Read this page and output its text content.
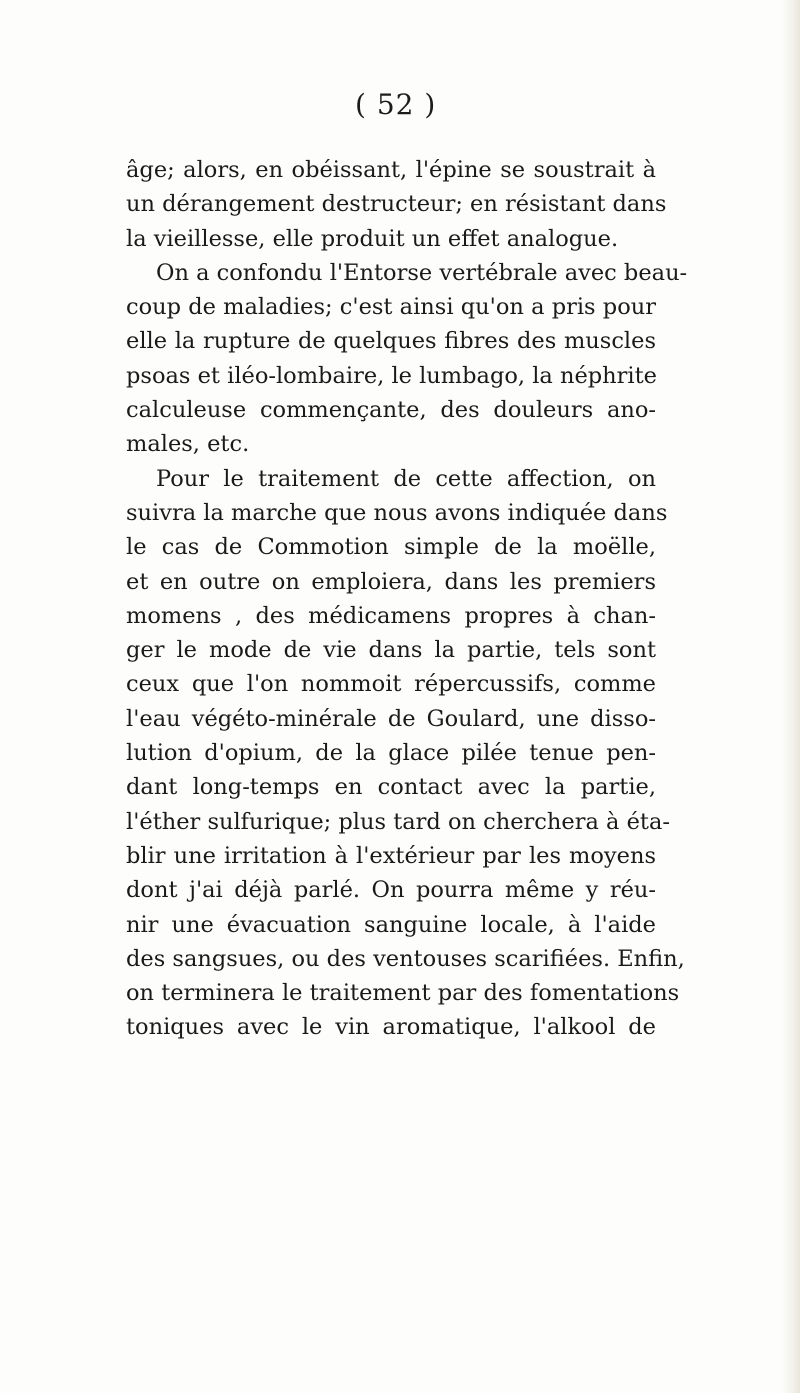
( 52 )
âge; alors, en obéissant, l'épine se soustrait à
un dérangement destructeur; en résistant dans
la vieillesse, elle produit un effet analogue.
On a confondu l'Entorse vertébrale avec beau-
coup de maladies; c'est ainsi qu'on a pris pour
elle la rupture de quelques fibres des muscles
psoas et iléo-lombaire, le lumbago, la néphrite
calculeuse commençante, des douleurs ano-
males, etc.
Pour le traitement de cette affection, on
suivra la marche que nous avons indiquée dans
le cas de Commotion simple de la moëlle,
et en outre on emploiera, dans les premiers
momens , des médicamens propres à chan-
ger le mode de vie dans la partie, tels sont
ceux que l'on nommoit répercussifs, comme
l'eau végéto-minérale de Goulard, une disso-
lution d'opium, de la glace pilée tenue pen-
dant long-temps en contact avec la partie,
l'éther sulfurique; plus tard on cherchera à éta-
blir une irritation à l'extérieur par les moyens
dont j'ai déjà parlé. On pourra même y réu-
nir une évacuation sanguine locale, à l'aide
des sangsues, ou des ventouses scarifiées. Enfin,
on terminera le traitement par des fomentations
toniques avec le vin aromatique, l'alkool de
